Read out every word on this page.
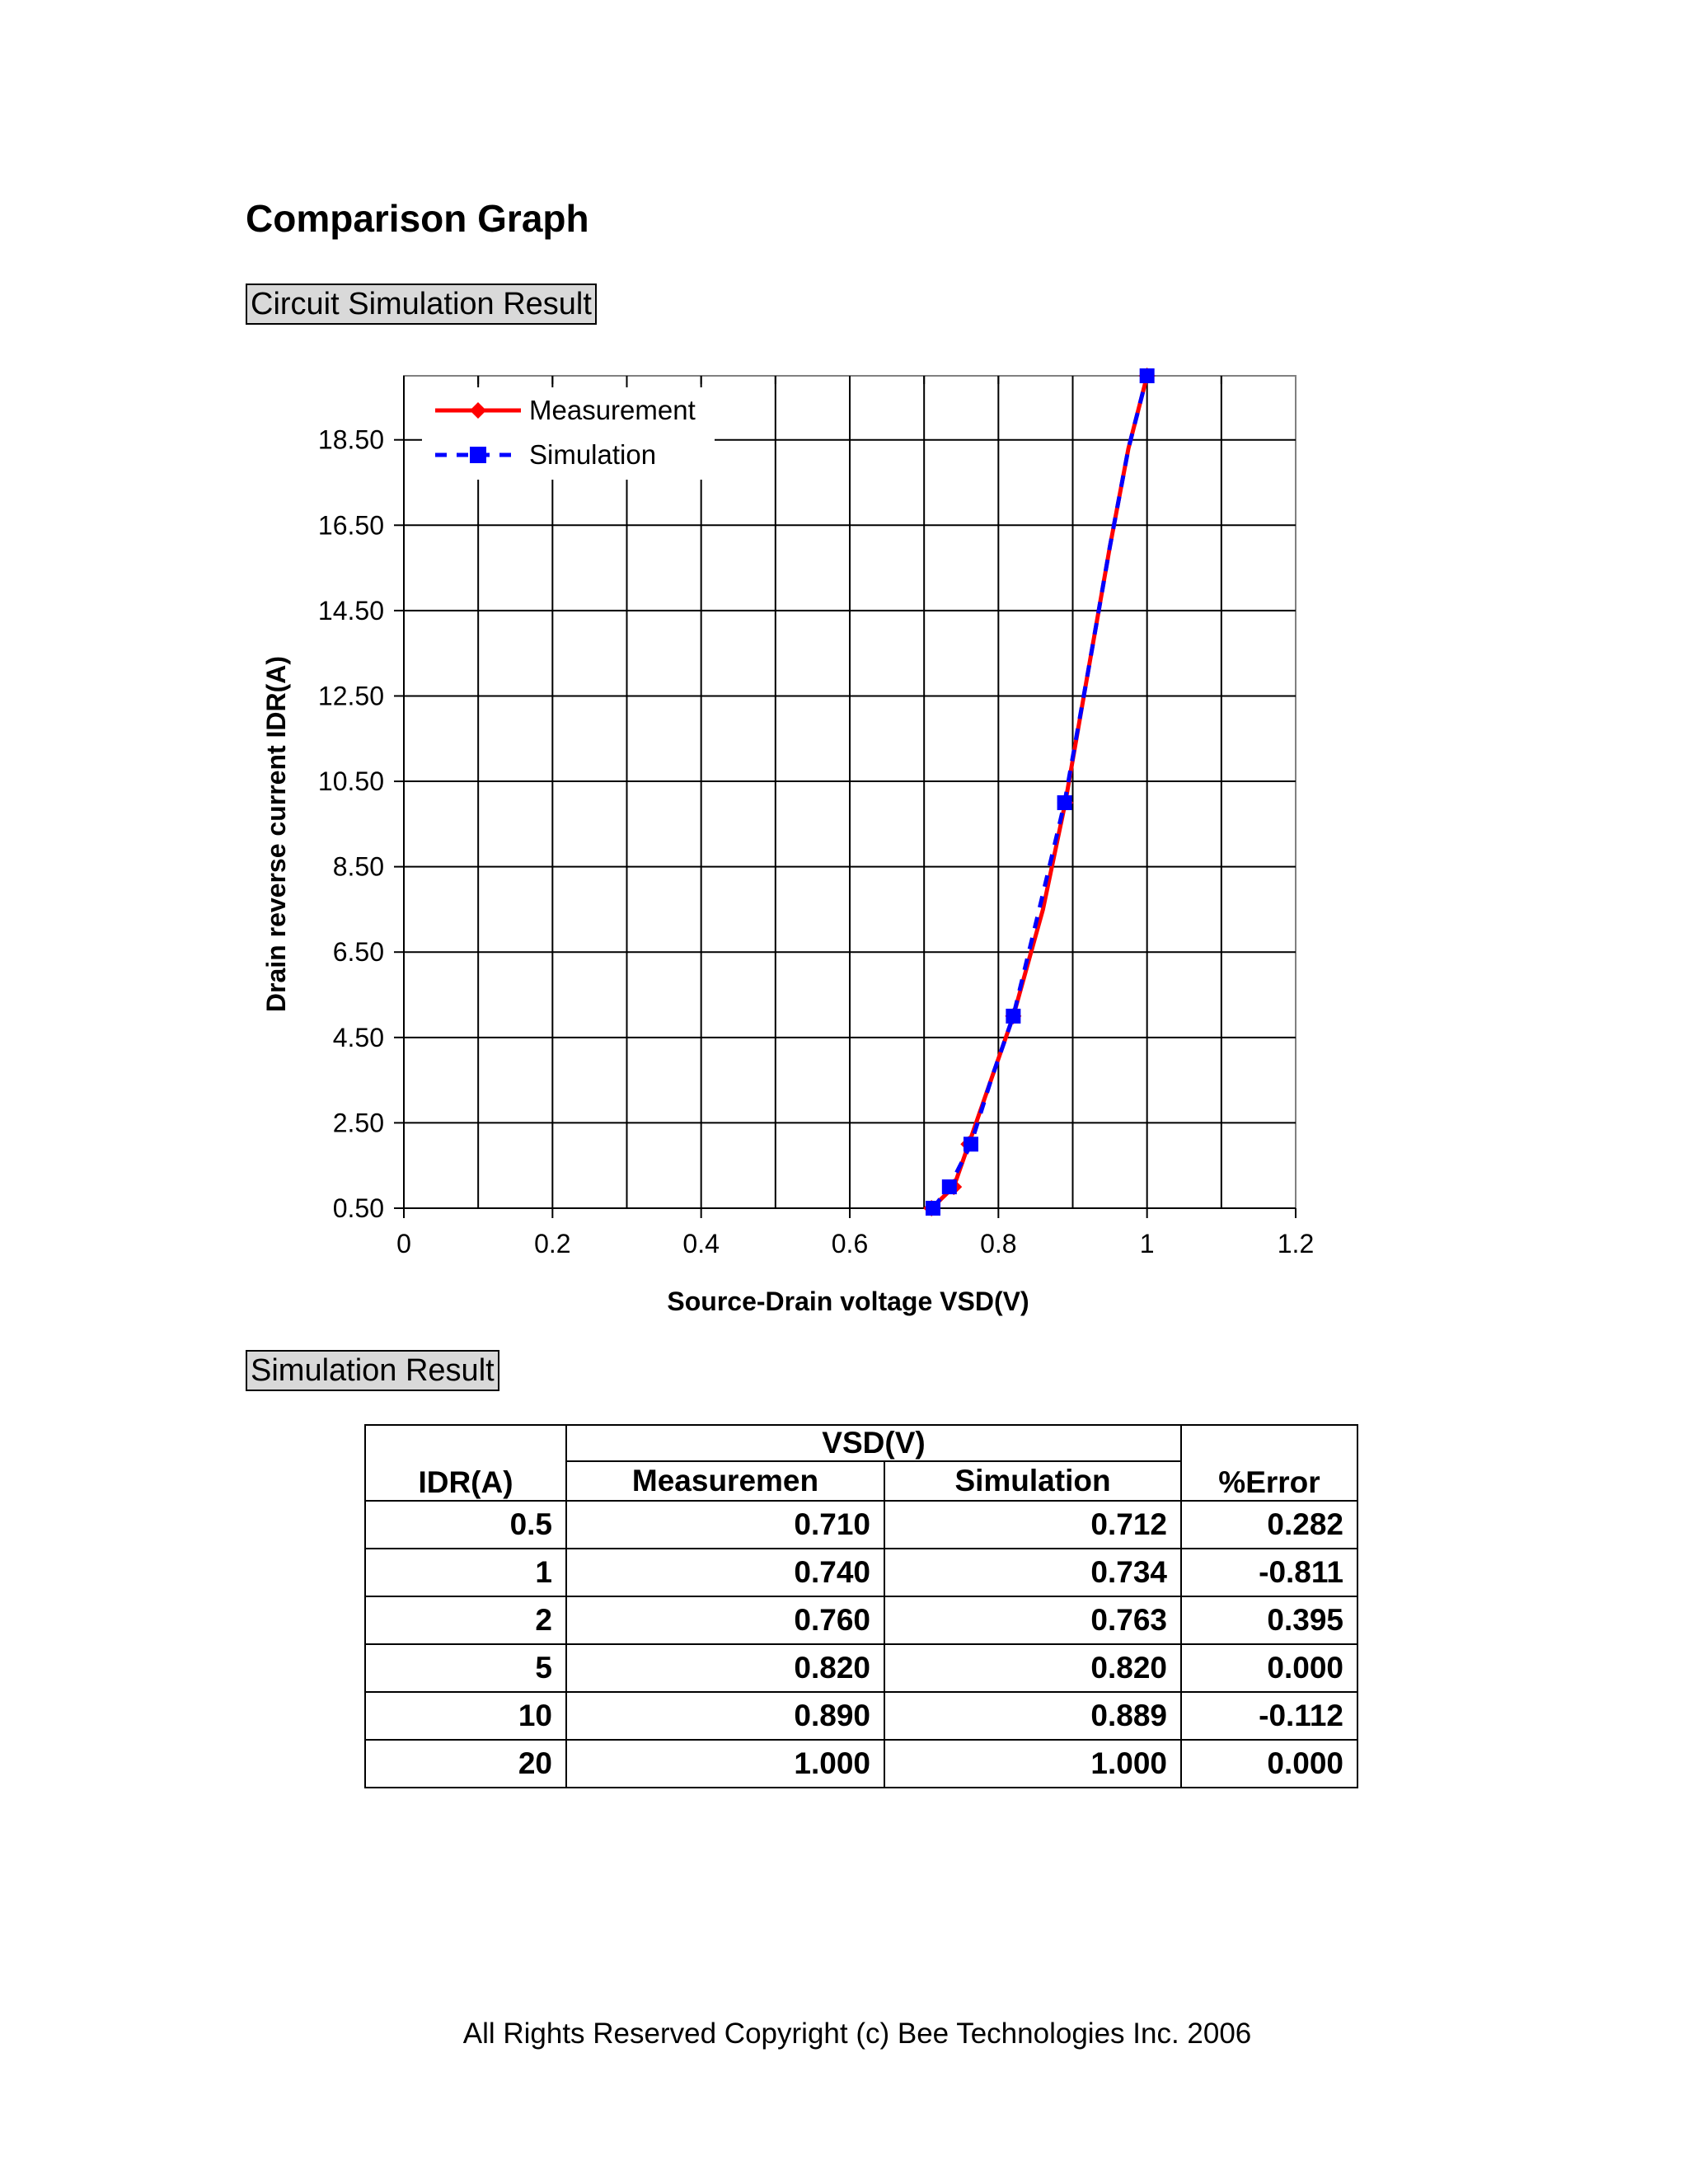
Comparison Graph
Circuit Simulation Result
0.50
2.50
4.50
6.50
8.50
10.50
12.50
14.50
16.50
18.50
0	0.2	0.4	0.6	0.8	1	1.2
Measurement
Simulation
Drain reverse current IDR(A)
Source-Drain voltage VSD(V)
Simulation Result
IDR(A)	VSD(V)		%Error
	Measuremen	Simulation	
0.5	0.710	0.712	0.282
1	0.740	0.734	-0.811
2	0.760	0.763	0.395
5	0.820	0.820	0.000
10	0.890	0.889	-0.112
20	1.000	1.000	0.000
All Rights Reserved Copyright (c) Bee Technologies Inc. 2006
